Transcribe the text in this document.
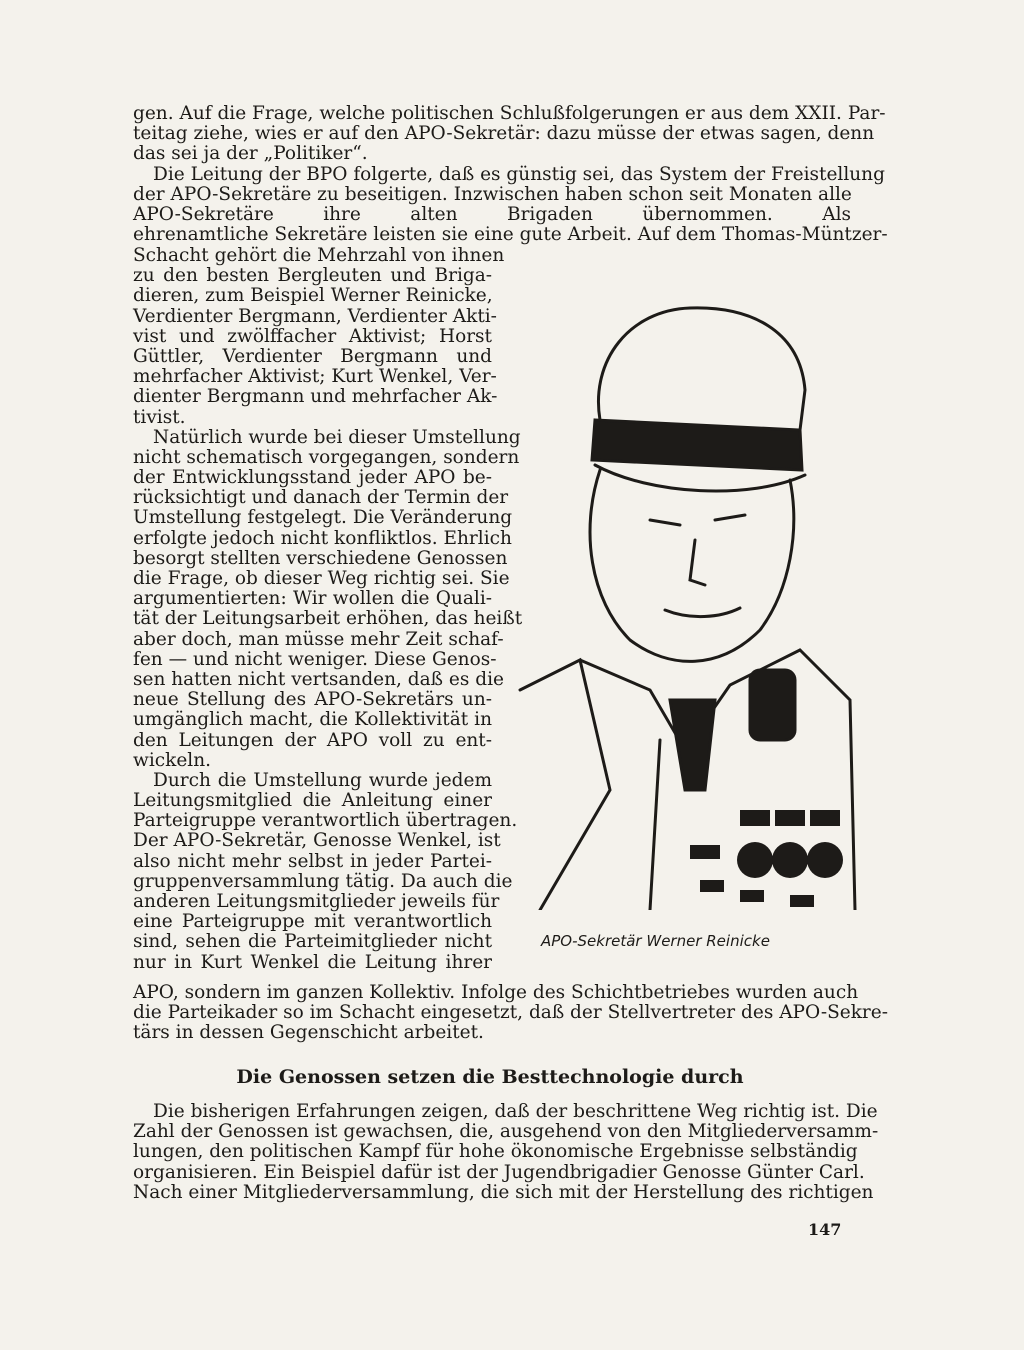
gen. Auf die Frage, welche politischen Schlußfolgerungen er aus dem XXII. Par-
teitag ziehe, wies er auf den APO-Sekretär: dazu müsse der etwas sagen, denn
das sei ja der „Politiker“.
Die Leitung der BPO folgerte, daß es günstig sei, das System der Freistellung
der APO-Sekretäre zu beseitigen. Inzwischen haben schon seit Monaten alle
APO-Sekretäre ihre alten Brigaden übernommen. Als
ehrenamtliche Sekretäre leisten sie eine gute Arbeit. Auf dem Thomas-Müntzer-
Schacht gehört die Mehrzahl von ihnen
zu den besten Bergleuten und Briga-
dieren, zum Beispiel Werner Reinicke,
Verdienter Bergmann, Verdienter Akti-
vist und zwölffacher Aktivist; Horst
Güttler, Verdienter Bergmann und
mehrfacher Aktivist; Kurt Wenkel, Ver-
dienter Bergmann und mehrfacher Ak-
tivist.
Natürlich wurde bei dieser Umstellung
nicht schematisch vorgegangen, sondern
der Entwicklungsstand jeder APO be-
rücksichtigt und danach der Termin der
Umstellung festgelegt. Die Veränderung
erfolgte jedoch nicht konfliktlos. Ehrlich
besorgt stellten verschiedene Genossen
die Frage, ob dieser Weg richtig sei. Sie
argumentierten: Wir wollen die Quali-
tät der Leitungsarbeit erhöhen, das heißt
aber doch, man müsse mehr Zeit schaf-
fen — und nicht weniger. Diese Genos-
sen hatten nicht vertsanden, daß es die
neue Stellung des APO-Sekretärs un-
umgänglich macht, die Kollektivität in
den Leitungen der APO voll zu ent-
wickeln.
Durch die Umstellung wurde jedem
Leitungsmitglied die Anleitung einer
Parteigruppe verantwortlich übertragen.
Der APO-Sekretär, Genosse Wenkel, ist
also nicht mehr selbst in jeder Partei-
gruppenversammlung tätig. Da auch die
anderen Leitungsmitglieder jeweils für
eine Parteigruppe mit verantwortlich
sind, sehen die Parteimitglieder nicht
nur in Kurt Wenkel die Leitung ihrer
APO, sondern im ganzen Kollektiv. Infolge des Schichtbetriebes wurden auch
die Parteikader so im Schacht eingesetzt, daß der Stellvertreter des APO-Sekre-
tärs in dessen Gegenschicht arbeitet.
APO-Sekretär Werner Reinicke
Die Genossen setzen die Besttechnologie durch
Die bisherigen Erfahrungen zeigen, daß der beschrittene Weg richtig ist. Die
Zahl der Genossen ist gewachsen, die, ausgehend von den Mitgliederversamm-
lungen, den politischen Kampf für hohe ökonomische Ergebnisse selbständig
organisieren. Ein Beispiel dafür ist der Jugendbrigadier Genosse Günter Carl.
Nach einer Mitgliederversammlung, die sich mit der Herstellung des richtigen
147
